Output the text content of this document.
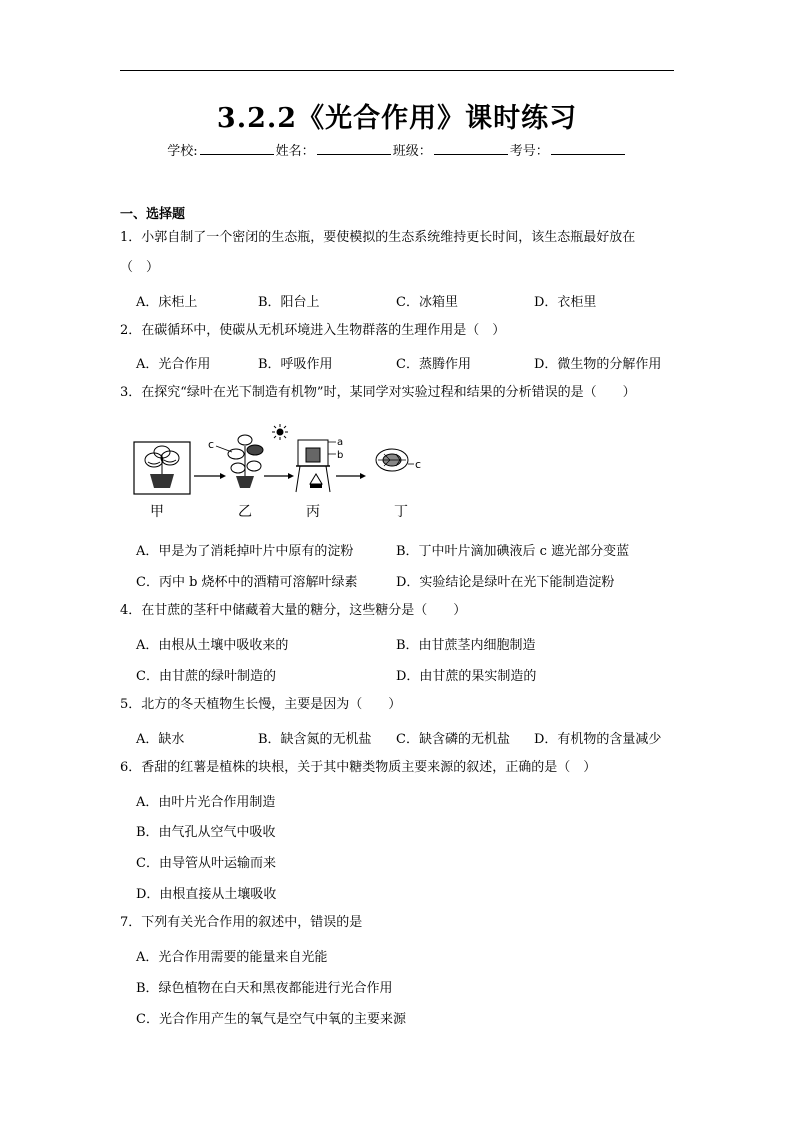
3.2.2《光合作用》课时练习
学校:	姓名：	班级：	考号：
一、选择题
1．小郭自制了一个密闭的生态瓶，要使模拟的生态系统维持更长时间，该生态瓶最好放在
（　）
A．床柜上	B．阳台上	C．冰箱里	D．衣柜里
2．在碳循环中，使碳从无机环境进入生物群落的生理作用是（　）
A．光合作用	B．呼吸作用	C．蒸腾作用	D．微生物的分解作用
3．在探究“绿叶在光下制造有机物”时，某同学对实验过程和结果的分析错误的是（　　）
c	a
b
c
甲	乙	丙	丁
A．甲是为了消耗掉叶片中原有的淀粉	B．丁中叶片滴加碘液后 c 遮光部分变蓝
C．丙中 b 烧杯中的酒精可溶解叶绿素	D．实验结论是绿叶在光下能制造淀粉
4．在甘蔗的茎秆中储藏着大量的糖分，这些糖分是（　　）
A．由根从土壤中吸收来的	B．由甘蔗茎内细胞制造
C．由甘蔗的绿叶制造的	D．由甘蔗的果实制造的
5．北方的冬天植物生长慢，主要是因为（　　）
A．缺水	B．缺含氮的无机盐 C．缺含磷的无机盐 D．有机物的含量减少
6．香甜的红薯是植株的块根，关于其中糖类物质主要来源的叙述，正确的是（　）
A．由叶片光合作用制造
B．由气孔从空气中吸收
C．由导管从叶运输而来
D．由根直接从土壤吸收
7．下列有关光合作用的叙述中，错误的是
A．光合作用需要的能量来自光能
B．绿色植物在白天和黑夜都能进行光合作用
C．光合作用产生的氧气是空气中氧的主要来源
